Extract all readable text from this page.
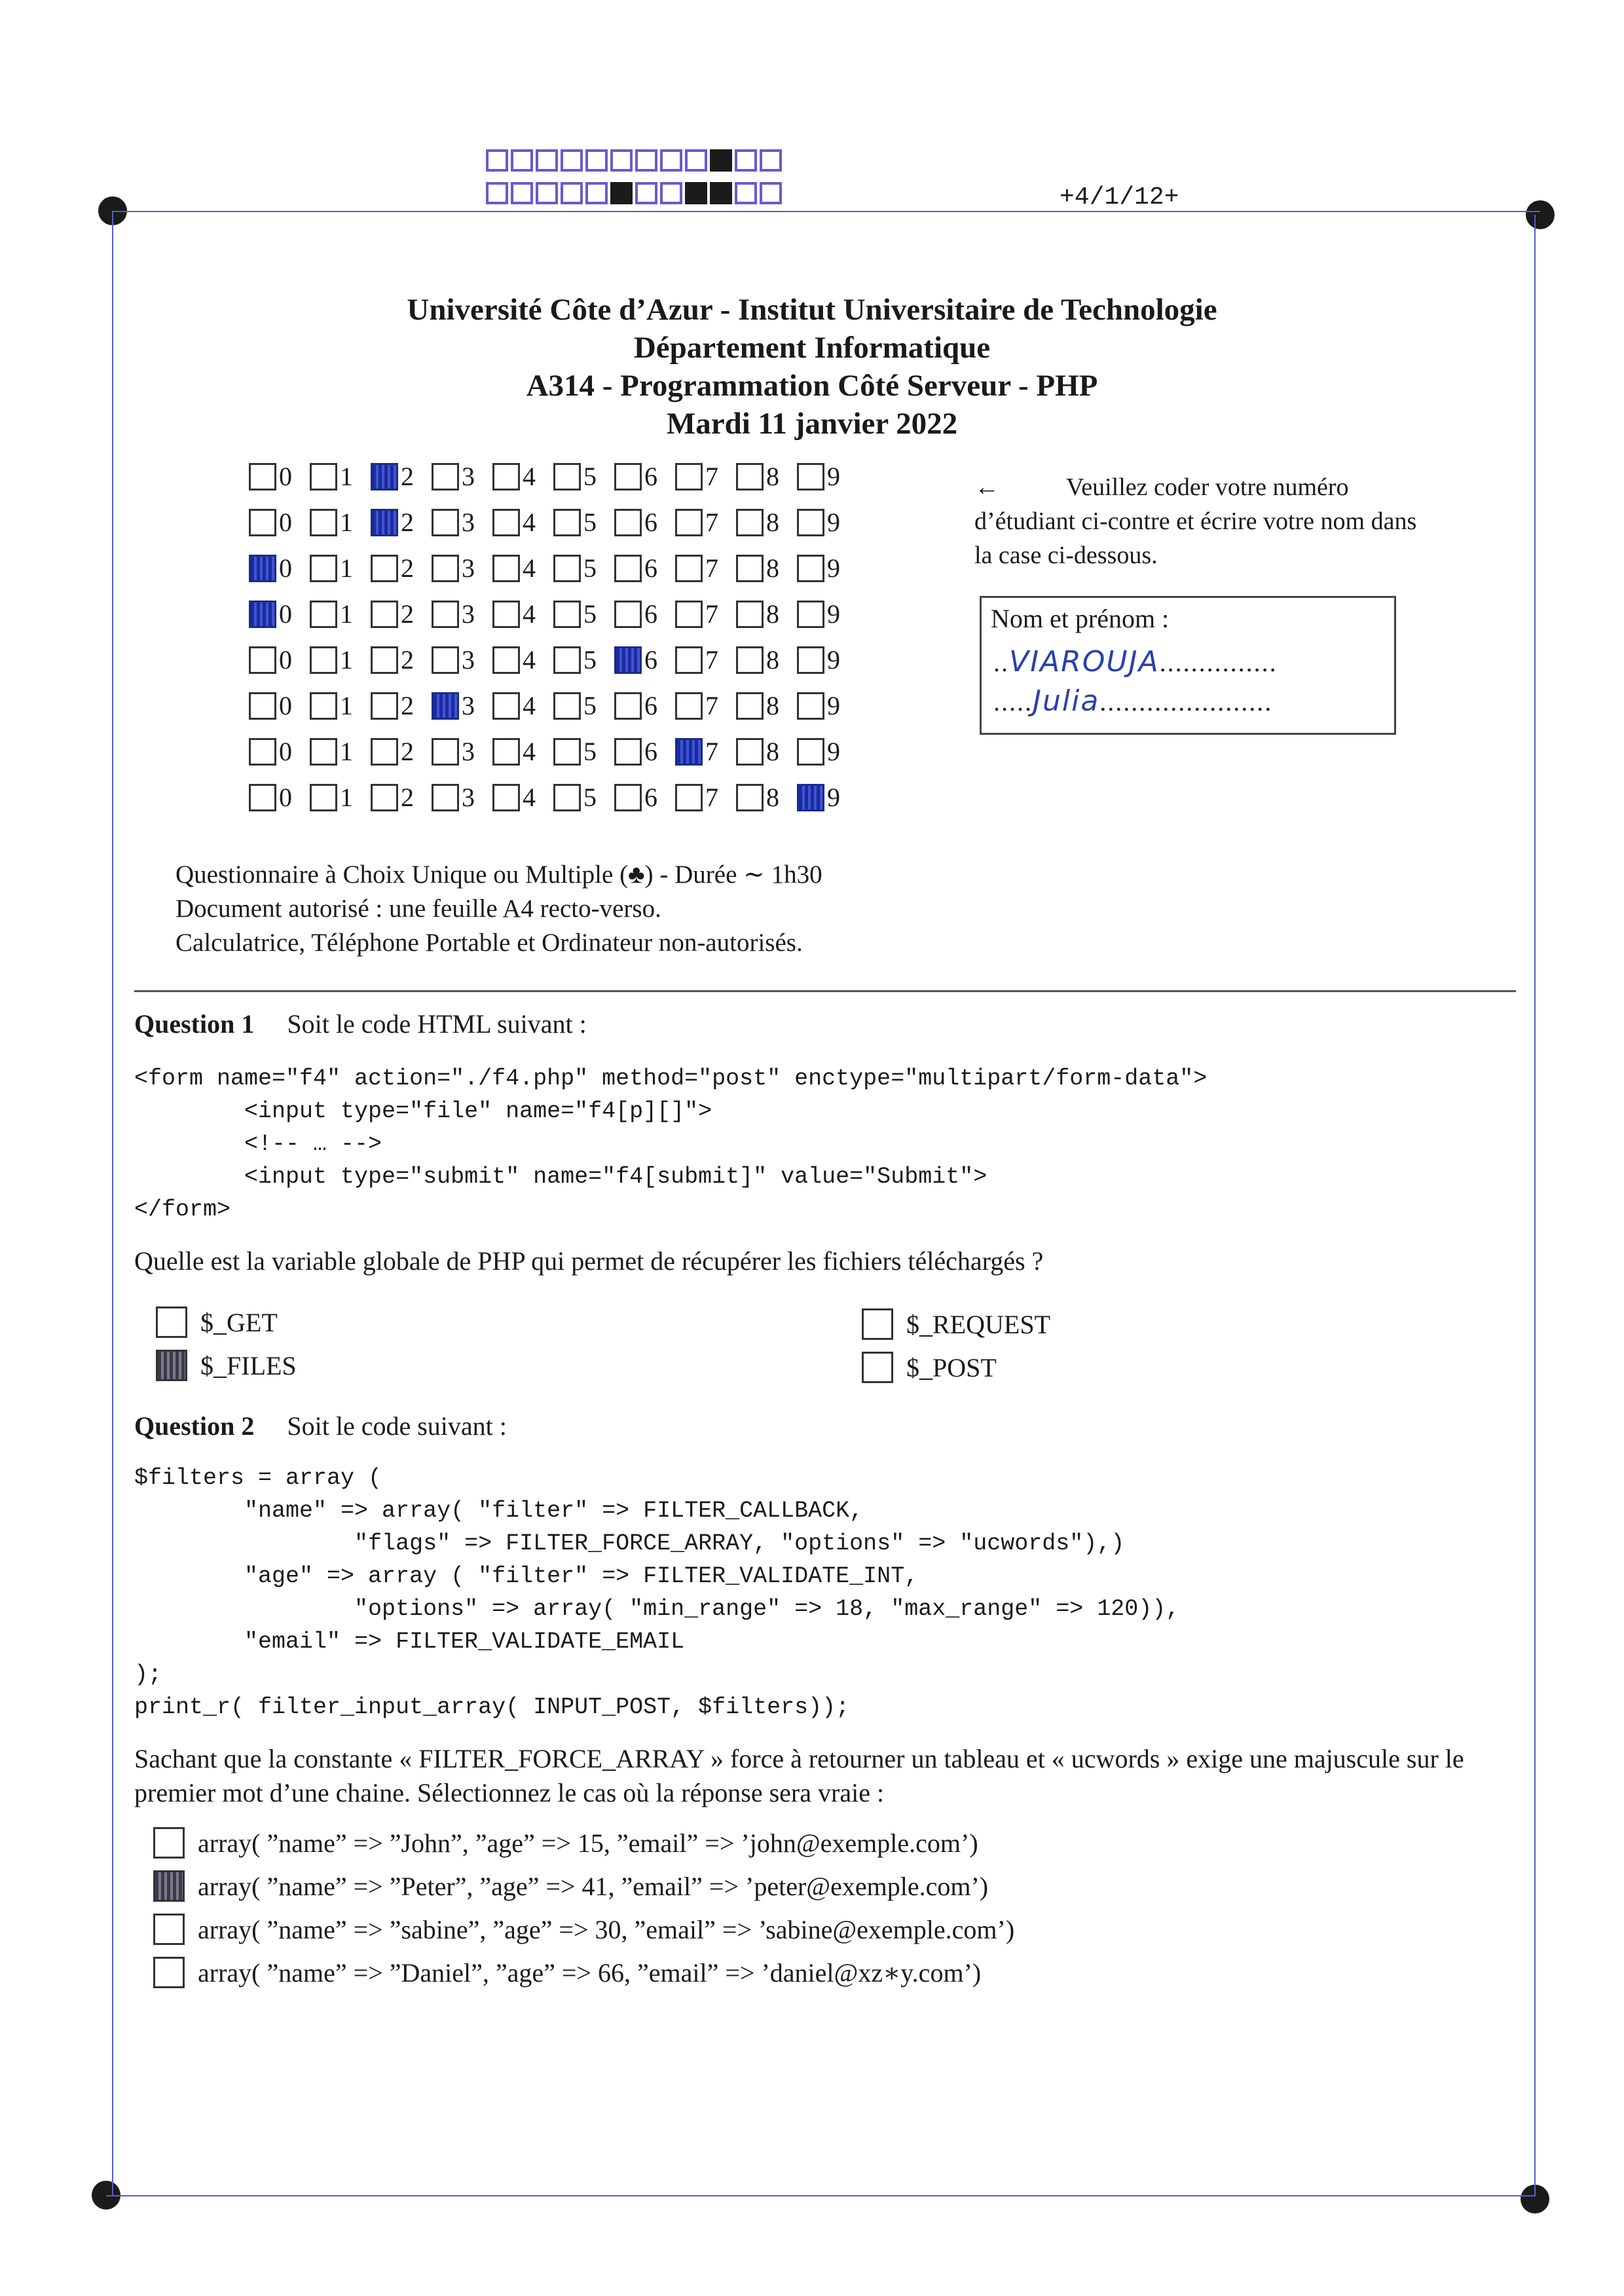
+4/1/12+
Université Côte d’Azur - Institut Universitaire de Technologie
Département Informatique
A314 - Programmation Côté Serveur - PHP
Mardi 11 janvier 2022
0 1 2 3 4 5 6 7 8 9
0 1 2 3 4 5 6 7 8 9
0 1 2 3 4 5 6 7 8 9
0 1 2 3 4 5 6 7 8 9
0 1 2 3 4 5 6 7 8 9
0 1 2 3 4 5 6 7 8 9
0 1 2 3 4 5 6 7 8 9
0 1 2 3 4 5 6 7 8 9
←	Veuillez coder votre numéro d’étudiant ci-contre et écrire votre nom dans la case ci-dessous.
Nom et prénom :
..VIAROUJA...............
.....Julia......................
Questionnaire à Choix Unique ou Multiple (♣) - Durée ∼ 1h30
Document autorisé : une feuille A4 recto-verso.
Calculatrice, Téléphone Portable et Ordinateur non-autorisés.
Question 1 Soit le code HTML suivant :
<form name="f4" action="./f4.php" method="post" enctype="multipart/form-data">
<input type="file" name="f4[p][]">
<!-- … -->
<input type="submit" name="f4[submit]" value="Submit">
</form>
Quelle est la variable globale de PHP qui permet de récupérer les fichiers téléchargés ?
$_GET
$_FILES
$_REQUEST
$_POST
Question 2 Soit le code suivant :
$filters = array (
"name" => array( "filter" => FILTER_CALLBACK,
"flags" => FILTER_FORCE_ARRAY, "options" => "ucwords"),)
"age" => array ( "filter" => FILTER_VALIDATE_INT,
"options" => array( "min_range" => 18, "max_range" => 120)),
"email" => FILTER_VALIDATE_EMAIL
);
print_r( filter_input_array( INPUT_POST, $filters));
Sachant que la constante « FILTER_FORCE_ARRAY » force à retourner un tableau et « ucwords » exige une majuscule sur le premier mot d’une chaine. Sélectionnez le cas où la réponse sera vraie :
array( ”name” => ”John”, ”age” => 15, ”email” => ’john@exemple.com’)
array( ”name” => ”Peter”, ”age” => 41, ”email” => ’peter@exemple.com’)
array( ”name” => ”sabine”, ”age” => 30, ”email” => ’sabine@exemple.com’)
array( ”name” => ”Daniel”, ”age” => 66, ”email” => ’daniel@xz∗y.com’)
